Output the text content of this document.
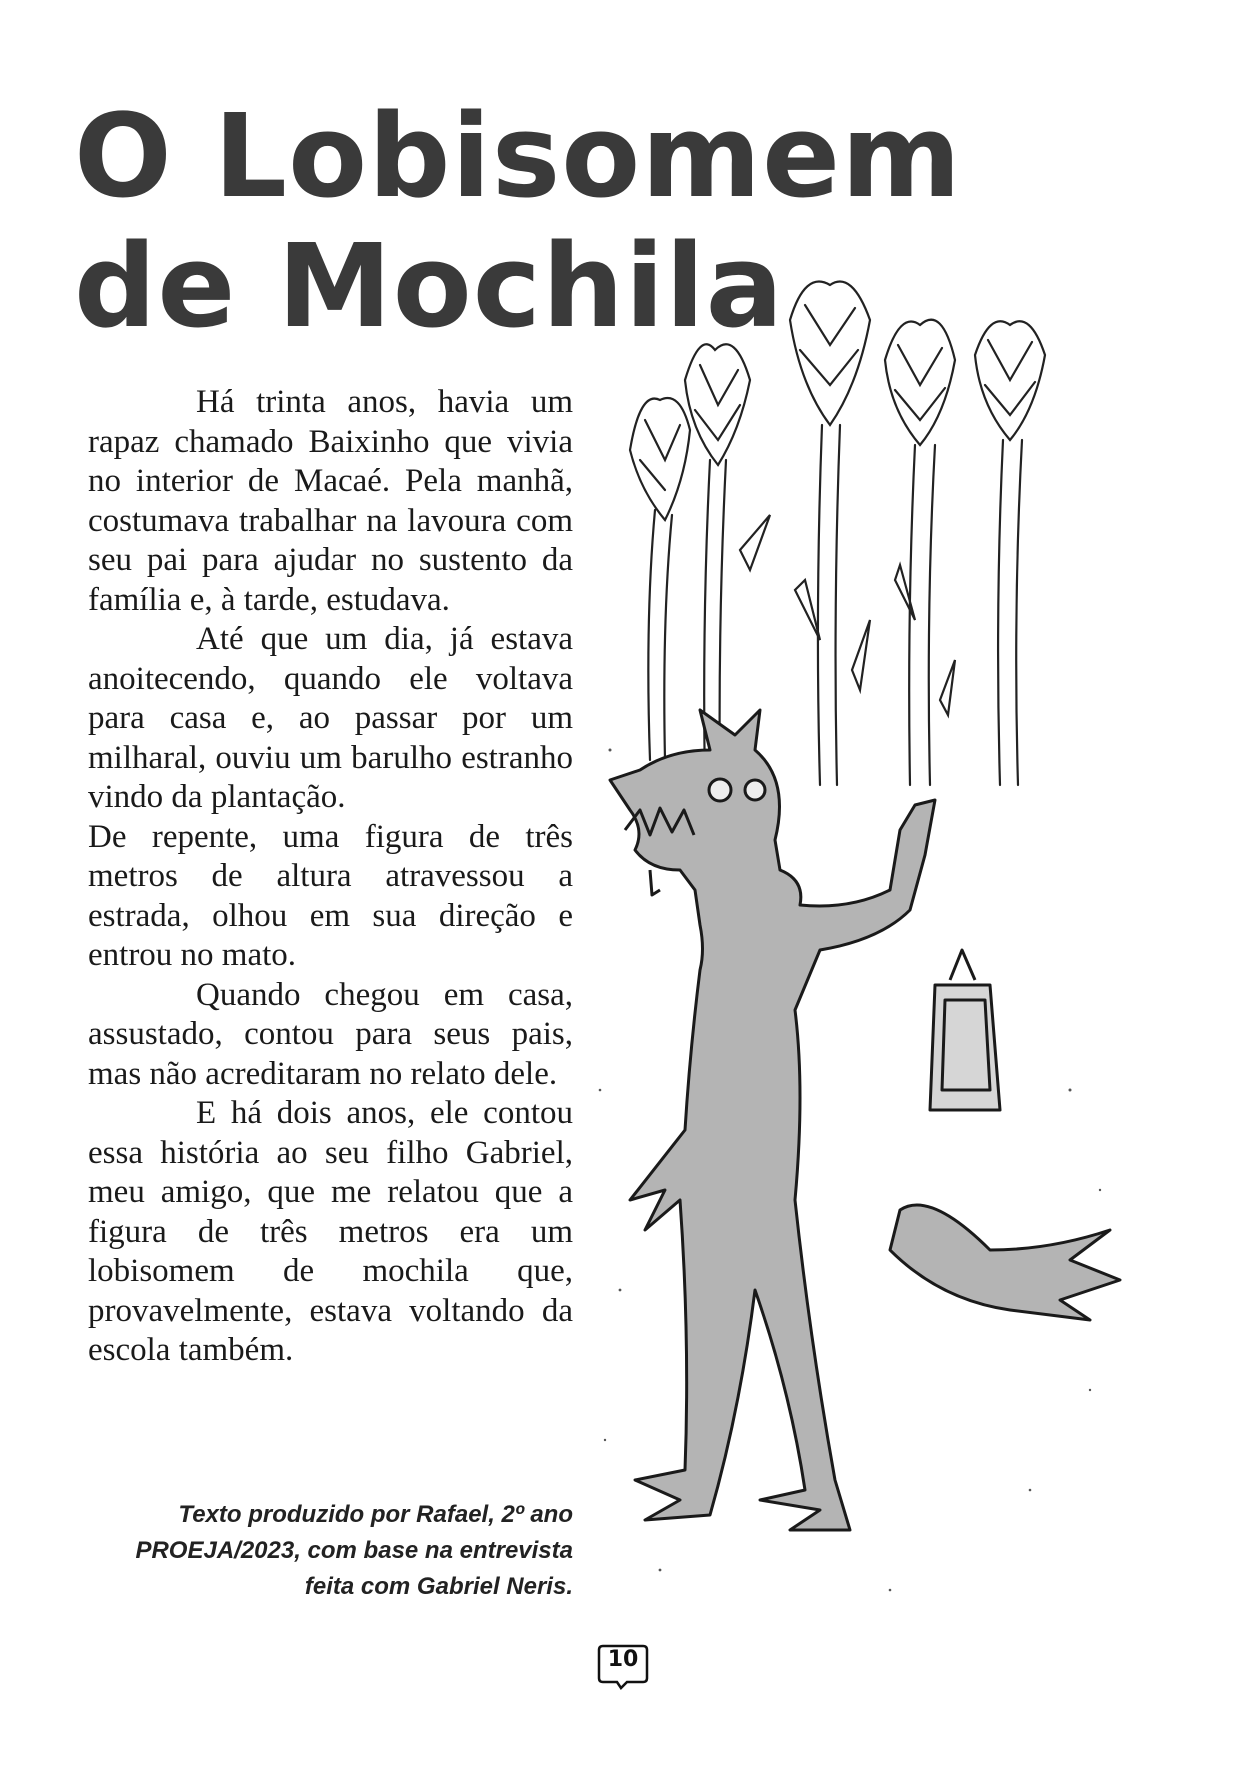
O Lobisomem
de Mochila

Há trinta anos, havia um rapaz chamado Baixinho que vivia no interior de Macaé. Pela manhã, costumava trabalhar na lavoura com seu pai para ajudar no sustento da família e, à tarde, estudava.

Até que um dia, já estava anoitecendo, quando ele voltava para casa e, ao passar por um milharal, ouviu um barulho estranho vindo da plantação.

De repente, uma figura de três metros de altura atravessou a estrada, olhou em sua direção e entrou no mato.

Quando chegou em casa, assustado, contou para seus pais, mas não acreditaram no relato dele.

E há dois anos, ele contou essa história ao seu filho Gabriel, meu amigo, que me relatou que a figura de três metros era um lobisomem de mochila que, provavelmente, estava voltando da escola também.

Texto produzido por Rafael, 2º ano
PROEJA/2023, com base na entrevista
feita com Gabriel Neris.
10
